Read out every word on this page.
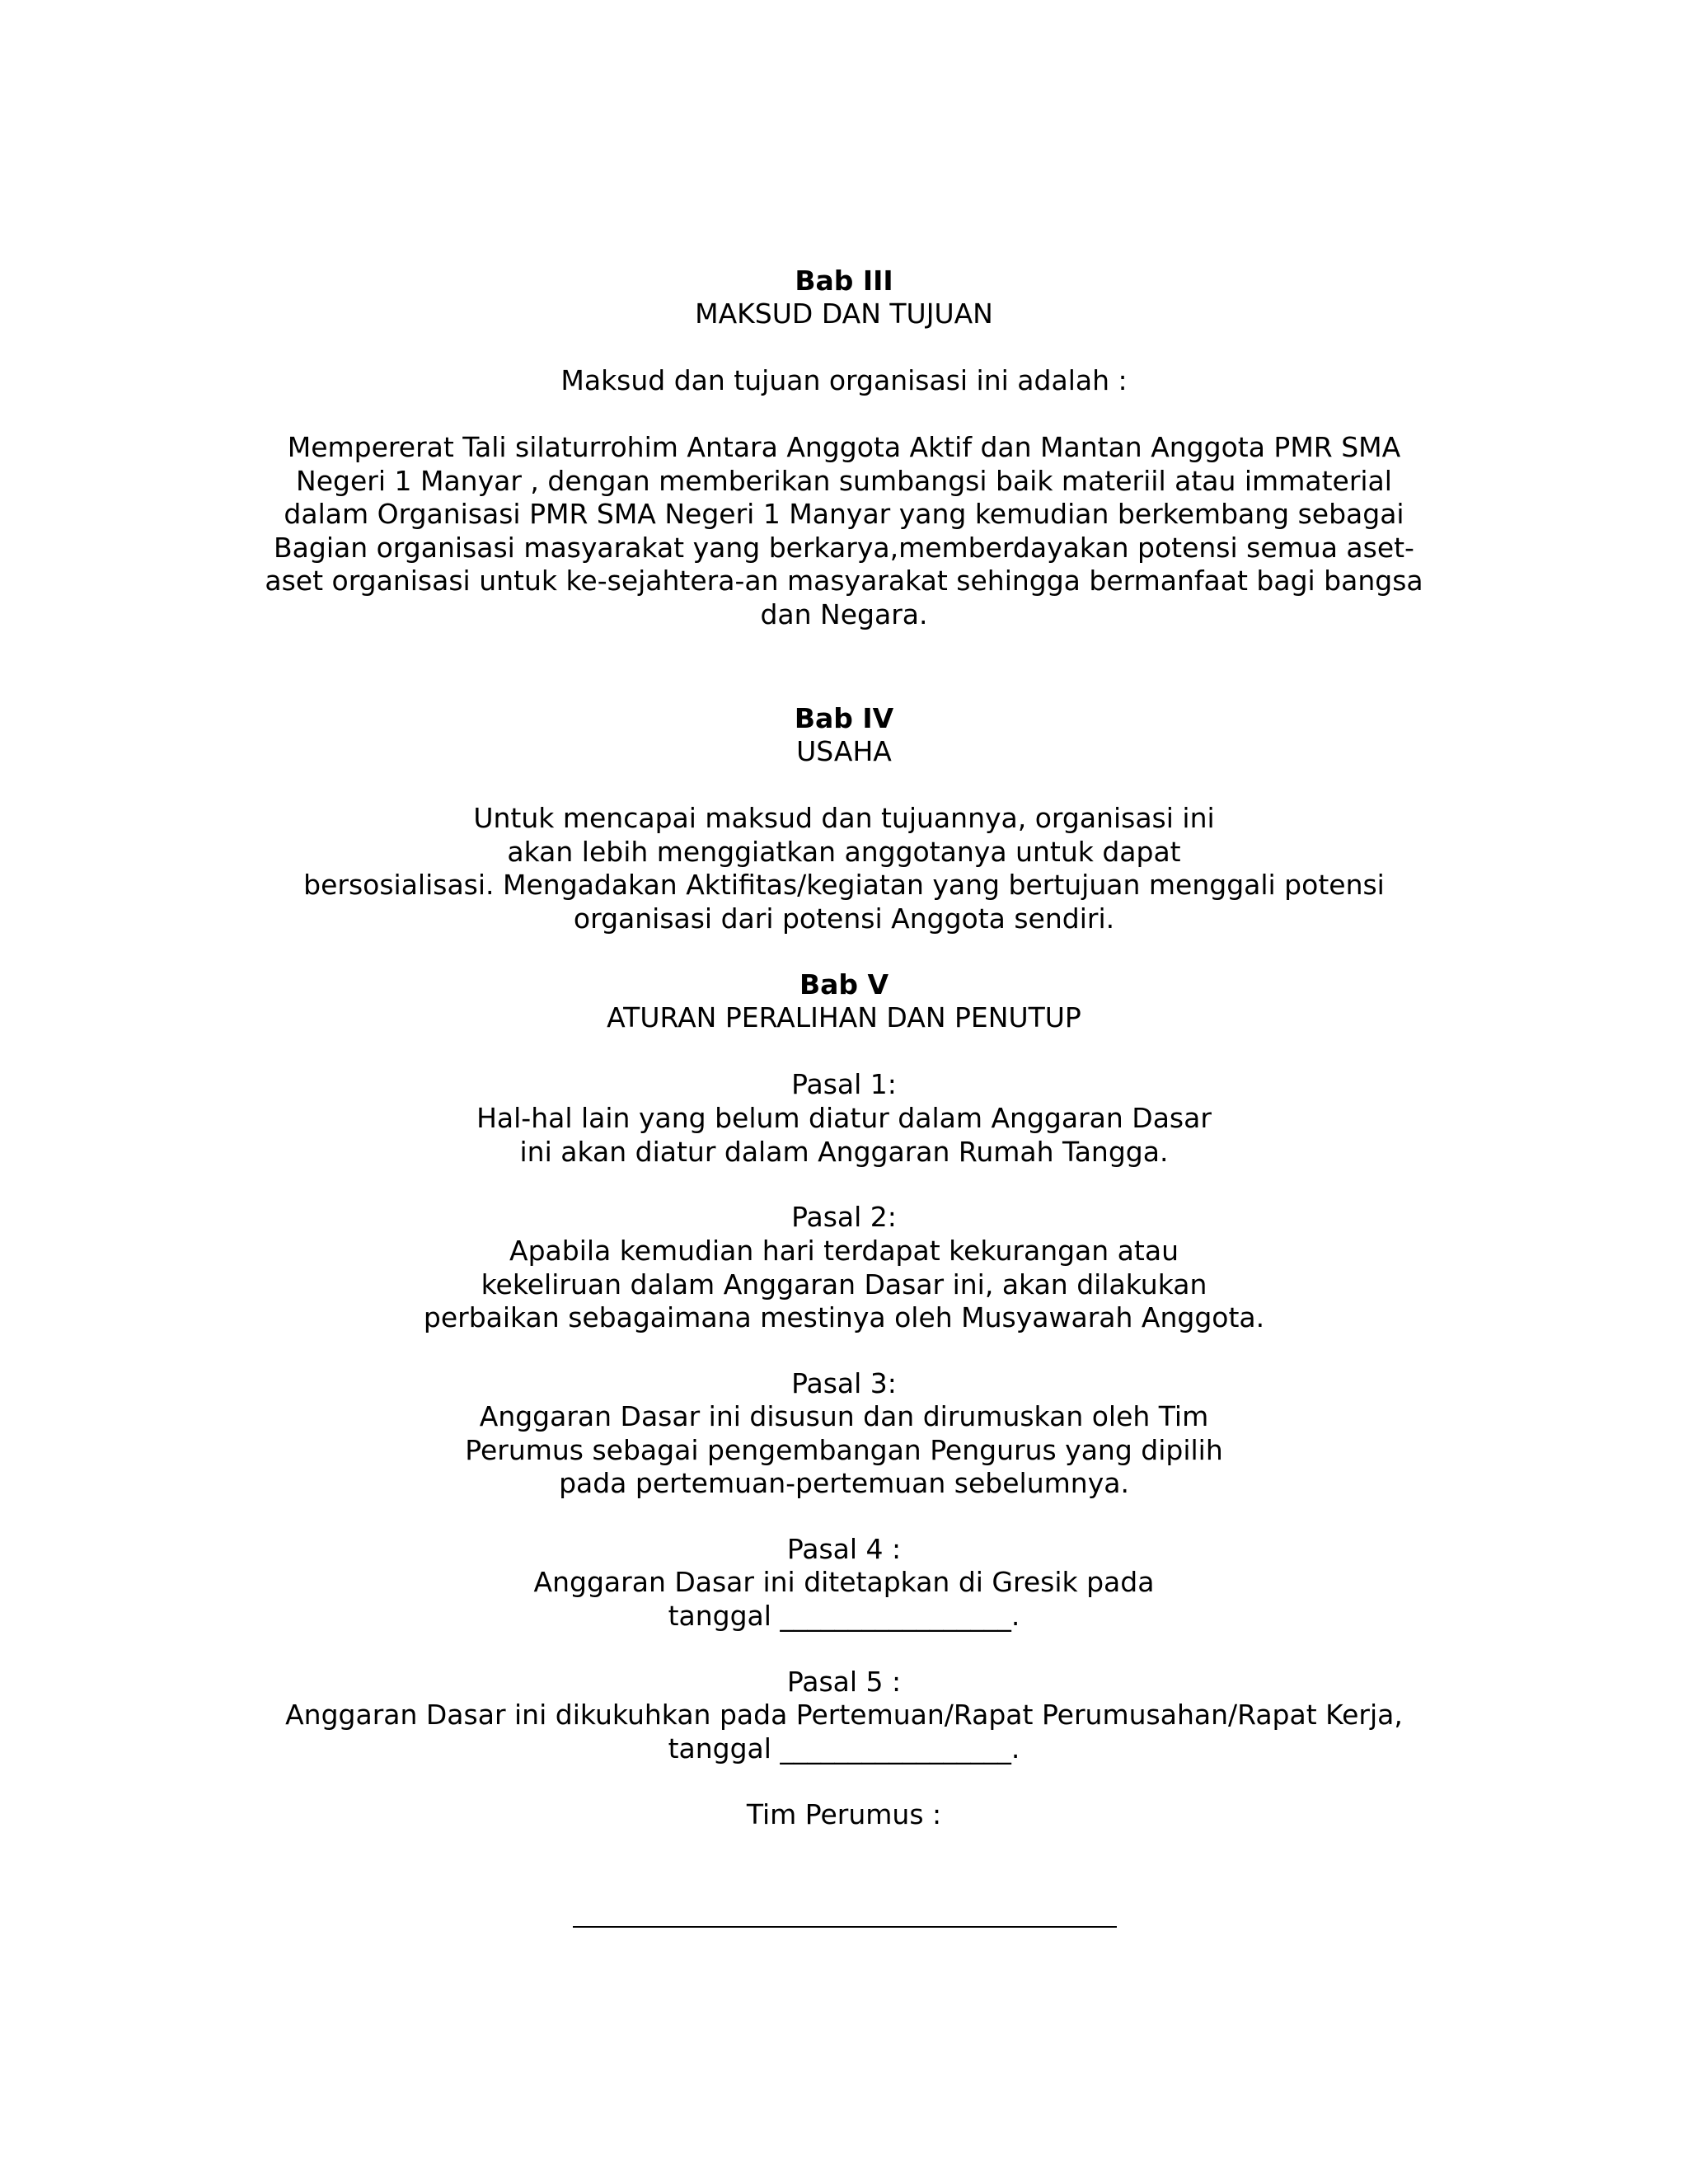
Bab III
MAKSUD DAN TUJUAN
Maksud dan tujuan organisasi ini adalah :
Mempererat Tali silaturrohim Antara Anggota Aktif dan Mantan Anggota PMR SMA
Negeri 1 Manyar , dengan memberikan sumbangsi baik materiil atau immaterial
dalam Organisasi PMR SMA Negeri 1 Manyar yang kemudian berkembang sebagai
Bagian organisasi masyarakat yang berkarya,memberdayakan potensi semua aset-
aset organisasi untuk ke-sejahtera-an masyarakat sehingga bermanfaat bagi bangsa
dan Negara.
Bab IV
USAHA
Untuk mencapai maksud dan tujuannya, organisasi ini
akan lebih menggiatkan anggotanya untuk dapat
bersosialisasi. Mengadakan Aktifitas/kegiatan yang bertujuan menggali potensi
organisasi dari potensi Anggota sendiri.
Bab V
ATURAN PERALIHAN DAN PENUTUP
Pasal 1:
Hal-hal lain yang belum diatur dalam Anggaran Dasar
ini akan diatur dalam Anggaran Rumah Tangga.
Pasal 2:
Apabila kemudian hari terdapat kekurangan atau
kekeliruan dalam Anggaran Dasar ini, akan dilakukan
perbaikan sebagaimana mestinya oleh Musyawarah Anggota.
Pasal 3:
Anggaran Dasar ini disusun dan dirumuskan oleh Tim
Perumus sebagai pengembangan Pengurus yang dipilih
pada pertemuan-pertemuan sebelumnya.
Pasal 4 :
Anggaran Dasar ini ditetapkan di Gresik pada
tanggal _________________.
Pasal 5 :
Anggaran Dasar ini dikukuhkan pada Pertemuan/Rapat Perumusahan/Rapat Kerja,
tanggal _________________.
Tim Perumus :
